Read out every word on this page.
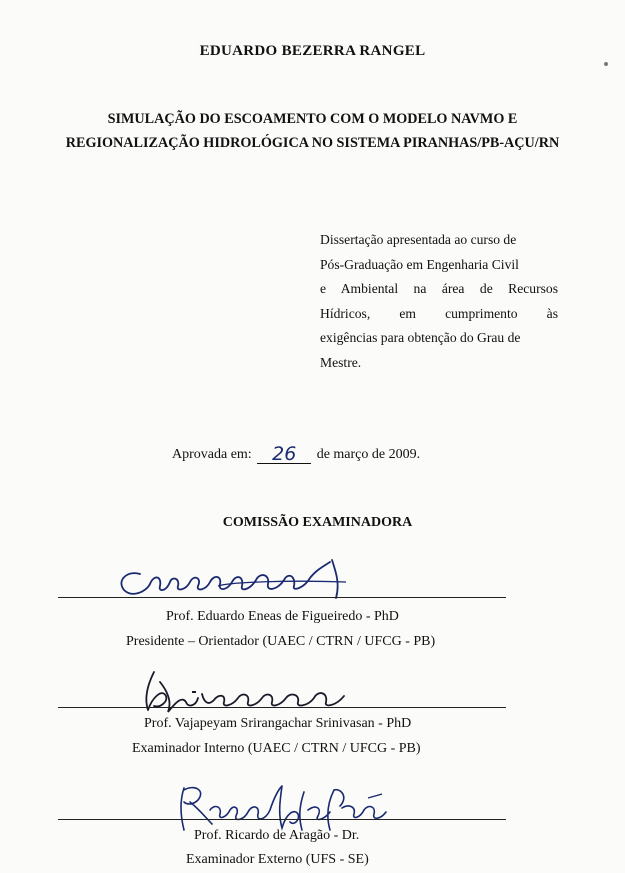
EDUARDO BEZERRA RANGEL
SIMULAÇÃO DO ESCOAMENTO COM O MODELO NAVMO E
REGIONALIZAÇÃO HIDROLÓGICA NO SISTEMA PIRANHAS/PB-AÇU/RN
Dissertação apresentada ao curso de
Pós-Graduação em Engenharia Civil
e Ambiental na área de Recursos
Hídricos, em cumprimento às
exigências para obtenção do Grau de
Mestre.
Aprovada em: 26 de março de 2009.
COMISSÃO EXAMINADORA
Prof. Eduardo Eneas de Figueiredo - PhD
Presidente – Orientador (UAEC / CTRN / UFCG - PB)
Prof. Vajapeyam Srirangachar Srinivasan - PhD
Examinador Interno (UAEC / CTRN / UFCG - PB)
Prof. Ricardo de Aragão - Dr.
Examinador Externo (UFS - SE)
